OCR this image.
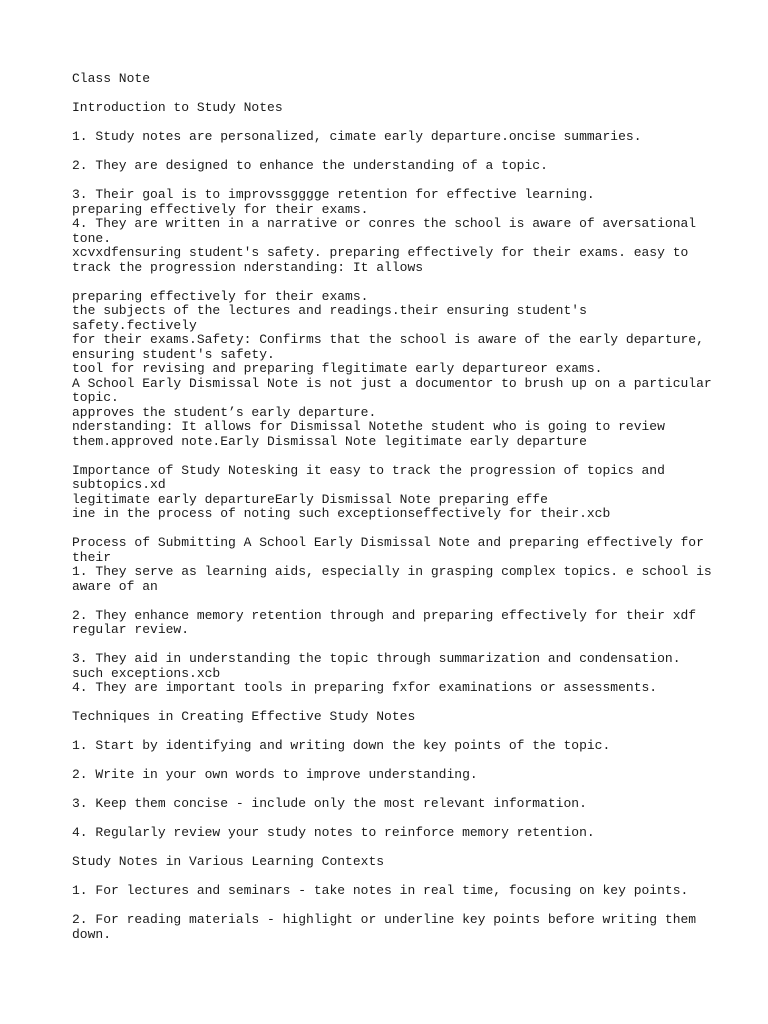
Class Note

Introduction to Study Notes

1. Study notes are personalized, cimate early departure.oncise summaries.

2. They are designed to enhance the understanding of a topic.

3. Their goal is to improvssgggge retention for effective learning.
preparing effectively for their exams.
4. They are written in a narrative or conres the school is aware of aversational
tone.
xcvxdfensuring student's safety. preparing effectively for their exams. easy to
track the progression nderstanding: It allows

preparing effectively for their exams.
the subjects of the lectures and readings.their ensuring student's safety.fectively
for their exams.Safety: Confirms that the school is aware of the early departure,
ensuring student's safety.
tool for revising and preparing flegitimate early departureor exams.
A School Early Dismissal Note is not just a documentor to brush up on a particular
topic.
approves the student’s early departure.
nderstanding: It allows for Dismissal Notethe student who is going to review
them.approved note.Early Dismissal Note legitimate early departure

Importance of Study Notesking it easy to track the progression of topics and
subtopics.xd
legitimate early departureEarly Dismissal Note preparing effe
ine in the process of noting such exceptionseffectively for their.xcb

Process of Submitting A School Early Dismissal Note and preparing effectively for
their
1. They serve as learning aids, especially in grasping complex topics. e school is
aware of an

2. They enhance memory retention through and preparing effectively for their xdf
regular review.

3. They aid in understanding the topic through summarization and condensation.
such exceptions.xcb
4. They are important tools in preparing fxfor examinations or assessments.

Techniques in Creating Effective Study Notes

1. Start by identifying and writing down the key points of the topic.

2. Write in your own words to improve understanding.

3. Keep them concise - include only the most relevant information.

4. Regularly review your study notes to reinforce memory retention.

Study Notes in Various Learning Contexts

1. For lectures and seminars - take notes in real time, focusing on key points.

2. For reading materials - highlight or underline key points before writing them
down.
